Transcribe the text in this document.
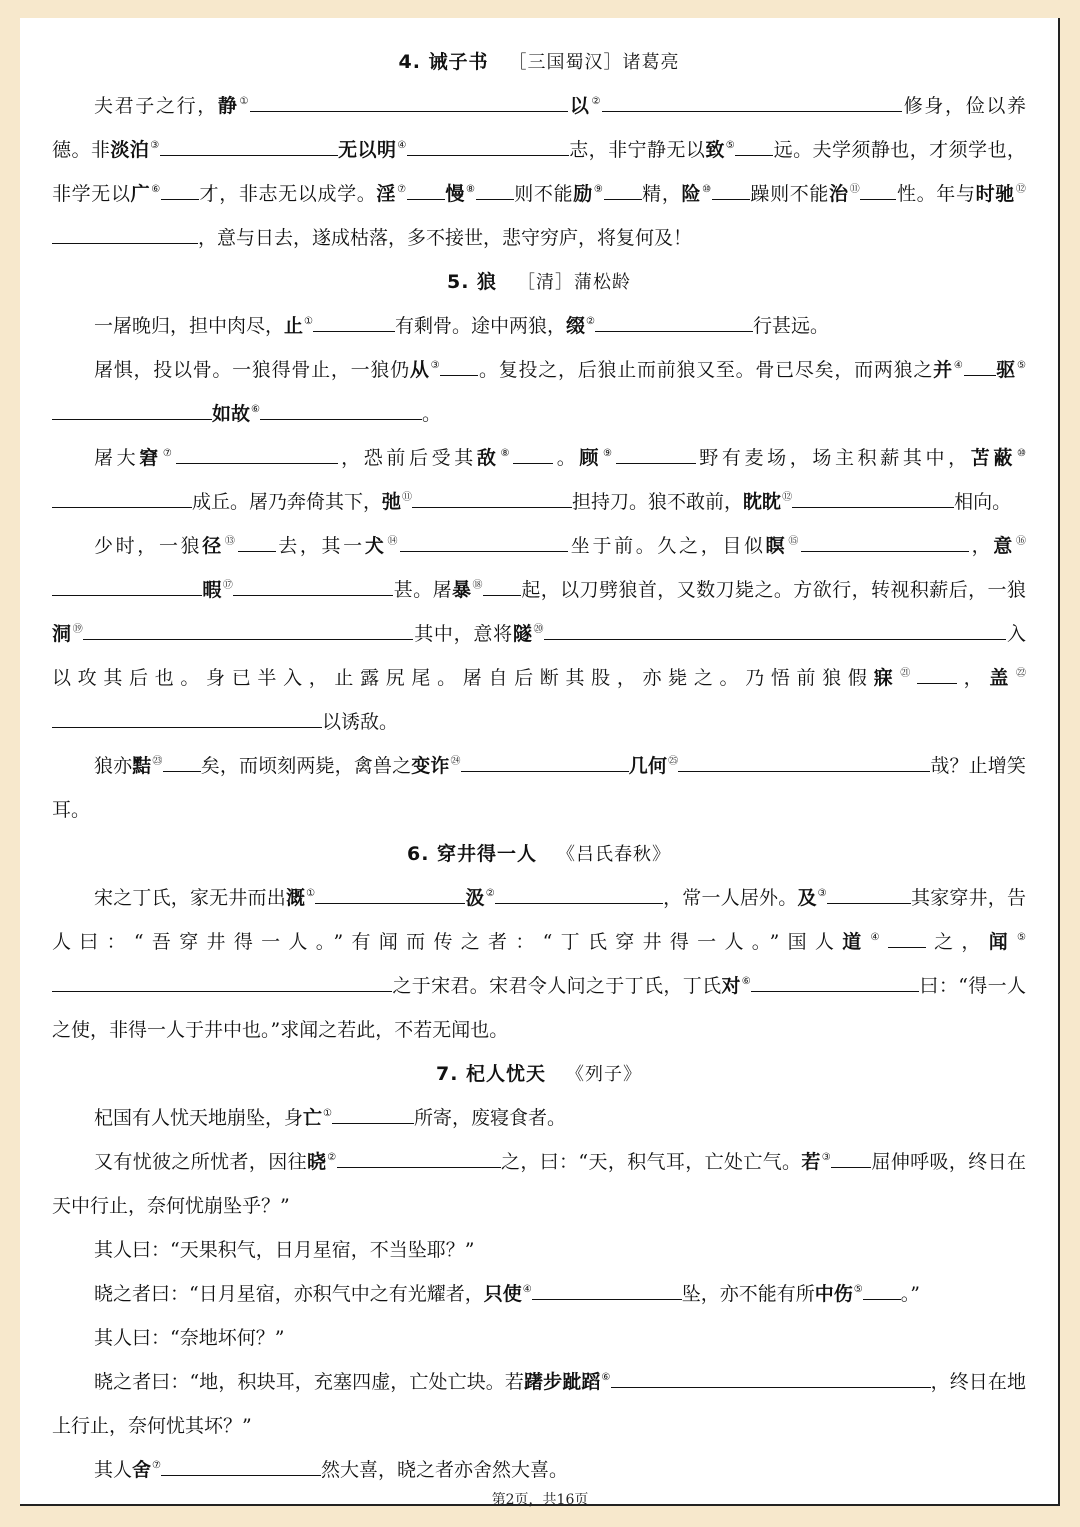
4. 诫子书 ［三国蜀汉］诸葛亮

夫君子之行，静①	以②	修身，俭以养德。非淡泊③	无以明④	志，非宁静无以致⑤ 远。夫学须静也，才须学也，非学无以广⑥ 才，非志无以成学。淫⑦ 慢⑧ 则不能励⑨ 精，险⑩ 躁则不能治⑪ 性。年与时驰⑫，意与日去，遂成枯落，多不接世，悲守穷庐，将复何及！

5. 狼 ［清］蒲松龄

一屠晚归，担中肉尽，止①	有剩骨。途中两狼，缀②	行甚远。

屠惧，投以骨。一狼得骨止，一狼仍从③ 。复投之，后狼止而前狼又至。骨已尽矣，而两狼之并④ 驱⑤如故⑥	。

屠大窘⑦	，恐前后受其敌⑧ 。顾⑨	野有麦场，场主积薪其中，苫蔽⑩成丘。屠乃奔倚其下，弛⑪	担持刀。狼不敢前，眈眈⑫	相向。

少时，一狼径⑬ 去，其一犬⑭	坐于前。久之，目似瞑⑮	，意⑯暇⑰	甚。屠暴⑱ 起，以刀劈狼首，又数刀毙之。方欲行，转视积薪后，一狼洞⑲	其中，意将隧⑳	入以攻其后也。身已半入，止露尻尾。屠自后断其股，亦毙之。乃悟前狼假寐$^㉑$ ，盖$^㉒$以诱敌。

狼亦黠$^㉓$ 矣，而顷刻两毙，禽兽之变诈$^㉔$	几何$^㉕$	哉？止增笑耳。

6. 穿井得一人 《吕氏春秋》

宋之丁氏，家无井而出溉①	汲②	，常一人居外。及③	其家穿井，告人曰：“吾穿井得一人。”有闻而传之者：“丁氏穿井得一人。”国人道④ 之，闻⑤之于宋君。宋君令人问之于丁氏，丁氏对⑥	曰：“得一人之使，非得一人于井中也。”求闻之若此，不若无闻也。

7. 杞人忧天 《列子》

杞国有人忧天地崩坠，身亡①	所寄，废寝食者。

又有忧彼之所忧者，因往晓②	之，曰：“天，积气耳，亡处亡气。若③ 屈伸呼吸，终日在天中行止，奈何忧崩坠乎？”

其人曰：“天果积气，日月星宿，不当坠耶？”

晓之者曰：“日月星宿，亦积气中之有光耀者，只使④	坠，亦不能有所中伤⑤ 。”

其人曰：“奈地坏何？”

晓之者曰：“地，积块耳，充塞四虚，亡处亡块。若躇步跐蹈⑥	，终日在地上行止，奈何忧其坏？”

其人舍⑦	然大喜，晓之者亦舍然大喜。

第2页，共16页
